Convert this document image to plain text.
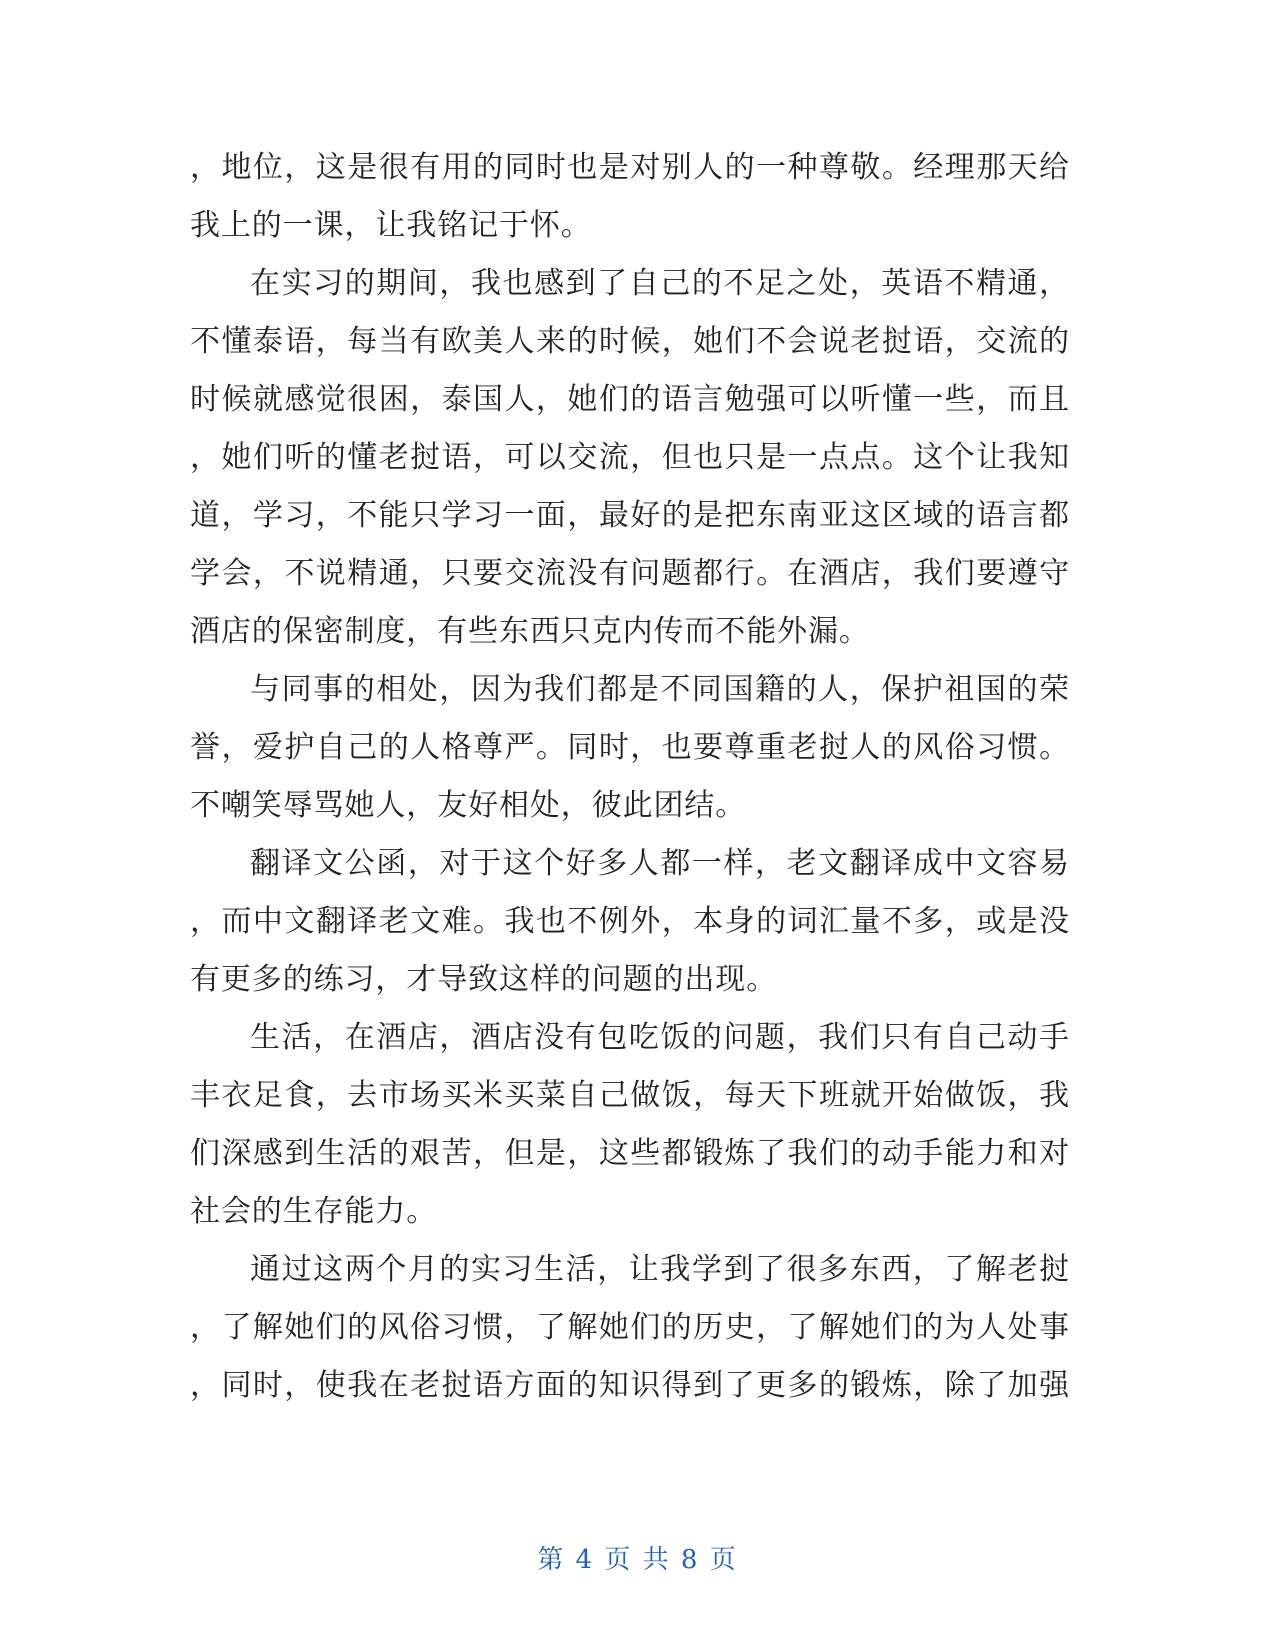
，地位，这是很有用的同时也是对别人的一种尊敬。经理那天给
我上的一课，让我铭记于怀。
在实习的期间，我也感到了自己的不足之处，英语不精通，
不懂泰语，每当有欧美人来的时候，她们不会说老挝语，交流的
时候就感觉很困，泰国人，她们的语言勉强可以听懂一些，而且
，她们听的懂老挝语，可以交流，但也只是一点点。这个让我知
道，学习，不能只学习一面，最好的是把东南亚这区域的语言都
学会，不说精通，只要交流没有问题都行。在酒店，我们要遵守
酒店的保密制度，有些东西只克内传而不能外漏。
与同事的相处，因为我们都是不同国籍的人，保护祖国的荣
誉，爱护自己的人格尊严。同时，也要尊重老挝人的风俗习惯。
不嘲笑辱骂她人，友好相处，彼此团结。
翻译文公函，对于这个好多人都一样，老文翻译成中文容易
，而中文翻译老文难。我也不例外，本身的词汇量不多，或是没
有更多的练习，才导致这样的问题的出现。
生活，在酒店，酒店没有包吃饭的问题，我们只有自己动手
丰衣足食，去市场买米买菜自己做饭，每天下班就开始做饭，我
们深感到生活的艰苦，但是，这些都锻炼了我们的动手能力和对
社会的生存能力。
通过这两个月的实习生活，让我学到了很多东西，了解老挝
，了解她们的风俗习惯，了解她们的历史，了解她们的为人处事
，同时，使我在老挝语方面的知识得到了更多的锻炼，除了加强
第 4 页 共 8 页
